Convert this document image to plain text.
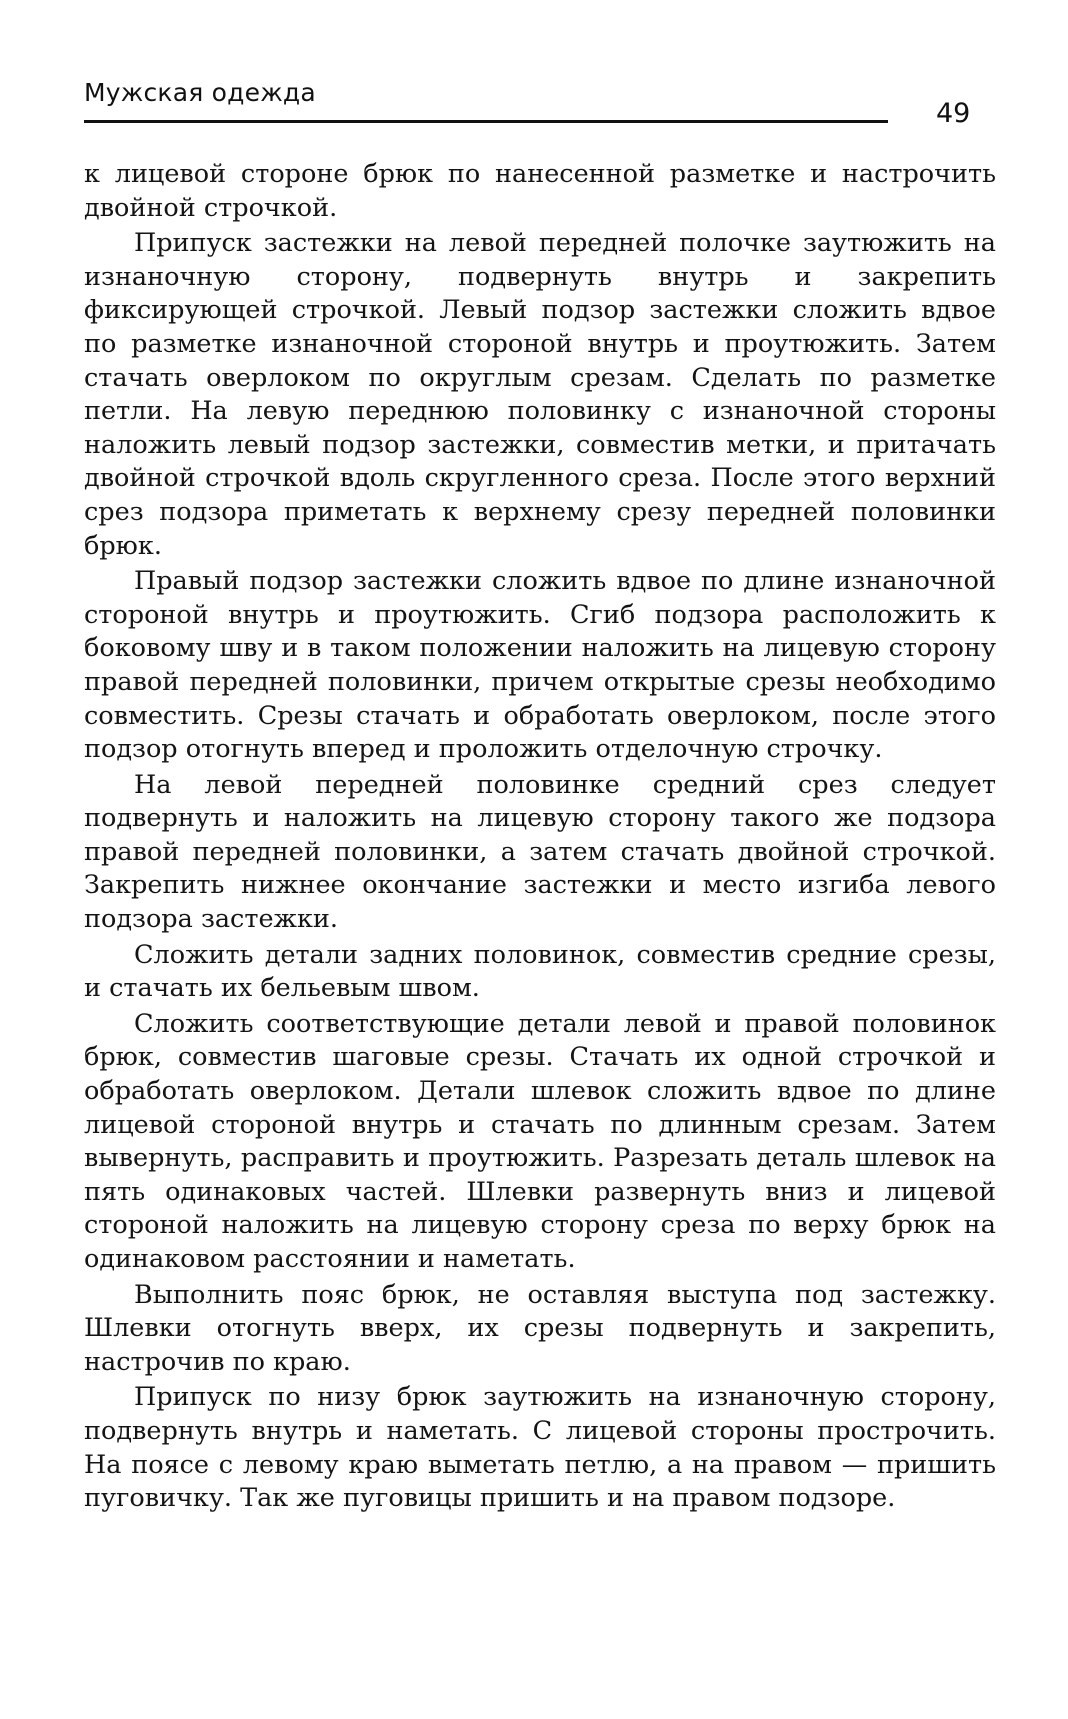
Мужская одежда
49

к лицевой стороне брюк по нанесенной разметке и настрочить двойной строчкой.

Припуск застежки на левой передней полочке заутюжить на изнаночную сторону, подвернуть внутрь и закрепить фиксирующей строчкой. Левый подзор застежки сложить вдвое по разметке изнаночной стороной внутрь и проутюжить. Затем стачать оверлоком по округлым срезам. Сделать по разметке петли. На левую переднюю половинку с изнаночной стороны наложить левый подзор застежки, совместив метки, и притачать двойной строчкой вдоль скругленного среза. После этого верхний срез подзора приметать к верхнему срезу передней половинки брюк.

Правый подзор застежки сложить вдвое по длине изнаночной стороной внутрь и проутюжить. Сгиб подзора расположить к боковому шву и в таком положении наложить на лицевую сторону правой передней половинки, причем открытые срезы необходимо совместить. Срезы стачать и обработать оверлоком, после этого подзор отогнуть вперед и проложить отделочную строчку.

На левой передней половинке средний срез следует подвернуть и наложить на лицевую сторону такого же подзора правой передней половинки, а затем стачать двойной строчкой. Закрепить нижнее окончание застежки и место изгиба левого подзора застежки.

Сложить детали задних половинок, совместив средние срезы, и стачать их бельевым швом.

Сложить соответствующие детали левой и правой половинок брюк, совместив шаговые срезы. Стачать их одной строчкой и обработать оверлоком. Детали шлевок сложить вдвое по длине лицевой стороной внутрь и стачать по длинным срезам. Затем вывернуть, расправить и проутюжить. Разрезать деталь шлевок на пять одинаковых частей. Шлевки развернуть вниз и лицевой стороной наложить на лицевую сторону среза по верху брюк на одинаковом расстоянии и наметать.

Выполнить пояс брюк, не оставляя выступа под застежку. Шлевки отогнуть вверх, их срезы подвернуть и закрепить, настрочив по краю.

Припуск по низу брюк заутюжить на изнаночную сторону, подвернуть внутрь и наметать. С лицевой стороны прострочить. На поясе с левому краю выметать петлю, а на правом — пришить пуговичку. Так же пуговицы пришить и на правом подзоре.
